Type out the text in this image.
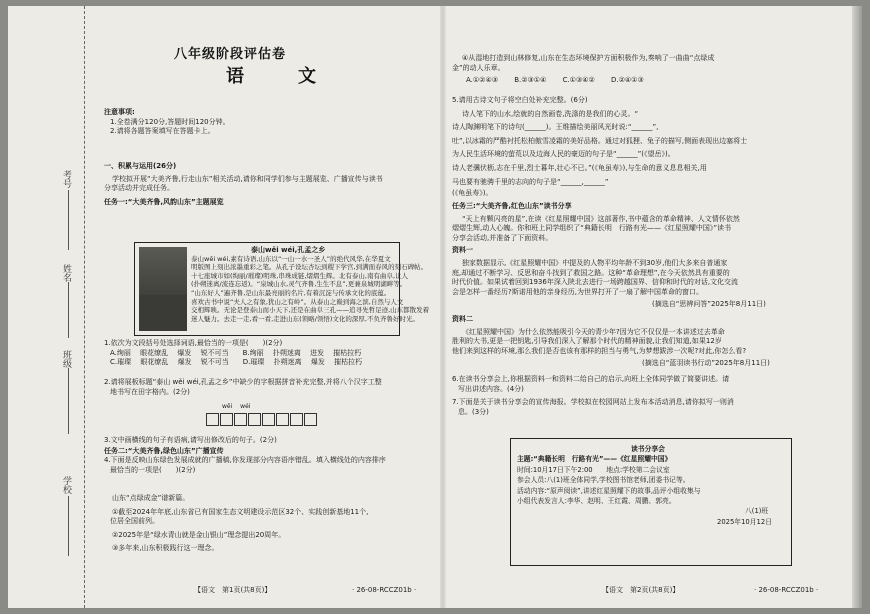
考号
姓名
班级
学校
八年级阶段评估卷
语　文

注意事项:

1.全卷满分120分,答题时间120分钟。

2.请将各题答案填写在答题卡上。

一、积累与运用(26分)

学校拟开展“大美齐鲁,行走山东”相关活动,请你和同学们参与主题展览、广播宣传与读书

分享活动并完成任务。

任务一:“大美齐鲁,风韵山东”主题展览

泰山wěi wéi,孔孟之乡

泰山wěi wéi,素有诗语,山东以“一山一水一圣人”的绝代风华,在华夏文

明版图上刻出浓墨重彩之笔。从孔子设坛杏坛到稷下学宫,到满面春风的刻石碑帖。

十七座城市如(绚丽/璀璨)明珠,串珠成链,熠熠生辉。北有泰山,南有曲阜,让人

(扑朔迷离/流连忘返)。“泉城山水,灵气齐鲁,生生不息”,更兼泉城明湖畔等。

“山东好人”遍齐鲁,是山东最亮丽的名片,有着沉淀与传承文化的底蕴。

喜欢古书中说“夫人之有象,犹山之有岭”。从泰山之巅到海之滨,自然与人文

交相辉映。无论是登泰山而小天下,还是在曲阜三孔——追寻先哲足迹,山东都散发着

迷人魅力。去走一走,看一看,走进山东(领略/领悟)文化的深厚,不负齐鲁好时光。

1.依次为文段括号处选择词语,最恰当的一项是(　　)(2分)

A.绚丽 　眼花缭乱 　爆发 　锐不可当　　 B.绚丽 　扑朔迷离 　进发 　摧枯拉朽

C.璀璨 　眼花缭乱 　爆发 　锐不可当　　 D.璀璨 　扑朔迷离 　爆发 　摧枯拉朽

2.请将展板标题“泰山 wěi wéi,孔孟之乡”中缺少的字根据拼音补充完整,并将八个汉字工整

地书写在田字格内。(2分)

wěi 　wéi

3.文中画横线的句子有语病,请写出修改后的句子。(2分)

任务二:“大美齐鲁,绿色山东”广播宣传

4.下面是反映山东绿色发展成就的广播稿,你发现部分内容语序错乱。填入横线处的内容排序

最恰当的一项是(　　)(2分)

山东“点绿成金”谱新篇。

①截至2024年年底,山东省已有国家生态文明建设示范区32个、实践创新基地11个,

位居全国前列。

②2025年是“绿水青山就是金山银山”理念提出20周年。

③多年来,山东积极践行这一理念。

【语文　第1页(共8页)】	· 26-08-RCCZ01b ·

④从湿地打造到山林修复,山东在生态环境保护方面积极作为,奏响了一曲曲“点绿成

金”的动人乐章。

A.①②④③ 　　B.②③①④ 　　C.①③④② 　　D.②④①③

5.请用古诗文句子将空白处补充完整。(6分)

诗人笔下的山水,绘就的自然画卷,洗涤的是我们的心灵。“

诗人陶渊明笔下的诗句(______)。王维描绘美丽风光时说:“______”,

吐”,以冰霜的严酷衬托松柏傲雪凌霜的美好品格。通过对狐狸、兔子的描写,侧面表现出边塞将士

为人民生活环境的萤荒以及边海人民的豪迈的句子是“______”(《望岳》)。

诗人老骥伏枥,志在千里,烈士暮年,壮心不已。”(《龟虽寿》),与生命的意义息息相关,用

马也要有驰骋千里的志向的句子是“______,______”

(《龟虽寿》)。

任务三:“大美齐鲁,红色山东”读书分享

“天上有颗闪亮的星”,在读《红星照耀中国》这部著作,书中蕴含的革命精神、人文情怀依然

熠熠生辉,动人心魄。你和班上同学组织了“典籍长明　行路有光——《红星照耀中国》”读书

分享会活动,并准备了下面资料。

资料一

独家数据显示,《红星照耀中国》中提及的人物平均年龄不到30岁,他们大多来自普通家

庭,却通过不断学习、反思和奋斗找到了救国之路。这种“革命理想”,在今天依然具有重要的

时代价值。如果试着回到1936年深入陕北去进行一场跨越国界、信仰和时代的对话,文化交流

会是怎样一番经历?斯诺用他的亲身经历,为世界打开了一扇了解中国革命的窗口。

(摘选自“思辨问答”2025年8月11日)

资料二

《红星照耀中国》为什么依然能吸引今天的青少年?因为它不仅仅是一本讲述过去革命

胜利的大书,更是一把钥匙,引导我们深入了解那个时代的精神面貌,让我们知道,如果12岁

他们来到这样的环境,那么我们是否也该有那样的担当与勇气,为梦想跋涉一次呢?对此,你怎么看?

(摘选自“蓝羽读书行动”2025年8月11日)

6.在读书分享会上,你根据资料一和资料二给自己的启示,向班上全体同学做了简要讲述。请

写出讲述内容。(4分)

7.下面是关于读书分享会的宣传海报。学校拟在校园网站上发布本活动消息,请你拟写一则消

息。(3分)

读书分享会

主题:“典籍长明　行路有光”——《红星照耀中国》

时间:10月17日下午2:00　　 地点:学校第二会议室

参会人员:八(1)班全体同学,学校图书馆老师,团委书记等。

活动内容:“原声阅读”,讲述红星照耀下的故事,品评小组收集与

小组代表发言人:李华、赵明、王红霞、周鹏、郭亮。

八(1)班

2025年10月12日

【语文　第2页(共8页)】	· 26-08-RCCZ01b ·
